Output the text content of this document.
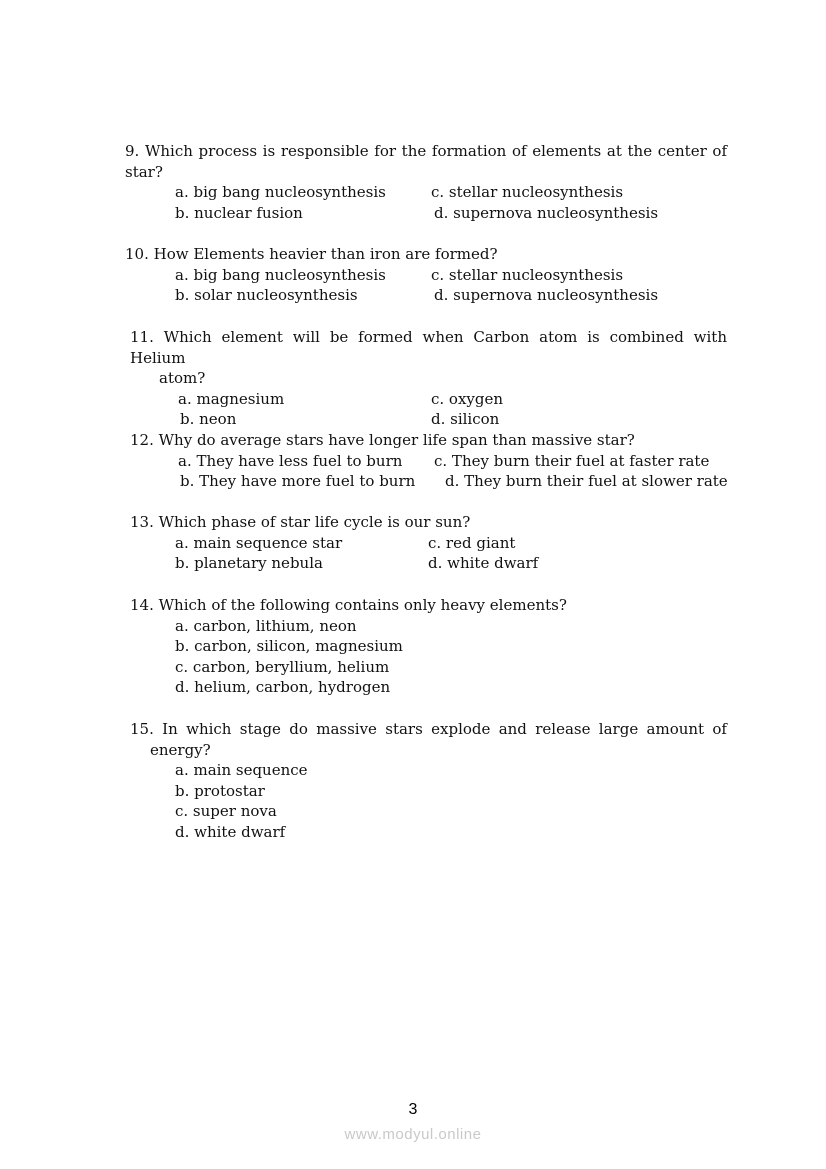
9. Which process is responsible for the formation of elements at the center of
star?
a. big bang nucleosynthesis	c. stellar nucleosynthesis
b. nuclear fusion	d. supernova nucleosynthesis
10. How Elements heavier than iron are formed?
a. big bang nucleosynthesis	c. stellar nucleosynthesis
b. solar nucleosynthesis	d. supernova nucleosynthesis
11. Which element will be formed when Carbon atom is combined with Helium
atom?
a. magnesium	c. oxygen
b. neon	d. silicon
12. Why do average stars have longer life span than massive star?
a. They have less fuel to burn	c. They burn their fuel at faster rate
b. They have more fuel to burn	d. They burn their fuel at slower rate
13. Which phase of star life cycle is our sun?
a. main sequence star	c. red giant
b. planetary nebula	d. white dwarf
14. Which of the following contains only heavy elements?
a. carbon, lithium, neon
b. carbon, silicon, magnesium
c. carbon, beryllium, helium
d. helium, carbon, hydrogen
15. In which stage do massive stars explode and release large amount of
energy?
a. main sequence
b. protostar
c. super nova
d. white dwarf
3
www.modyul.online
